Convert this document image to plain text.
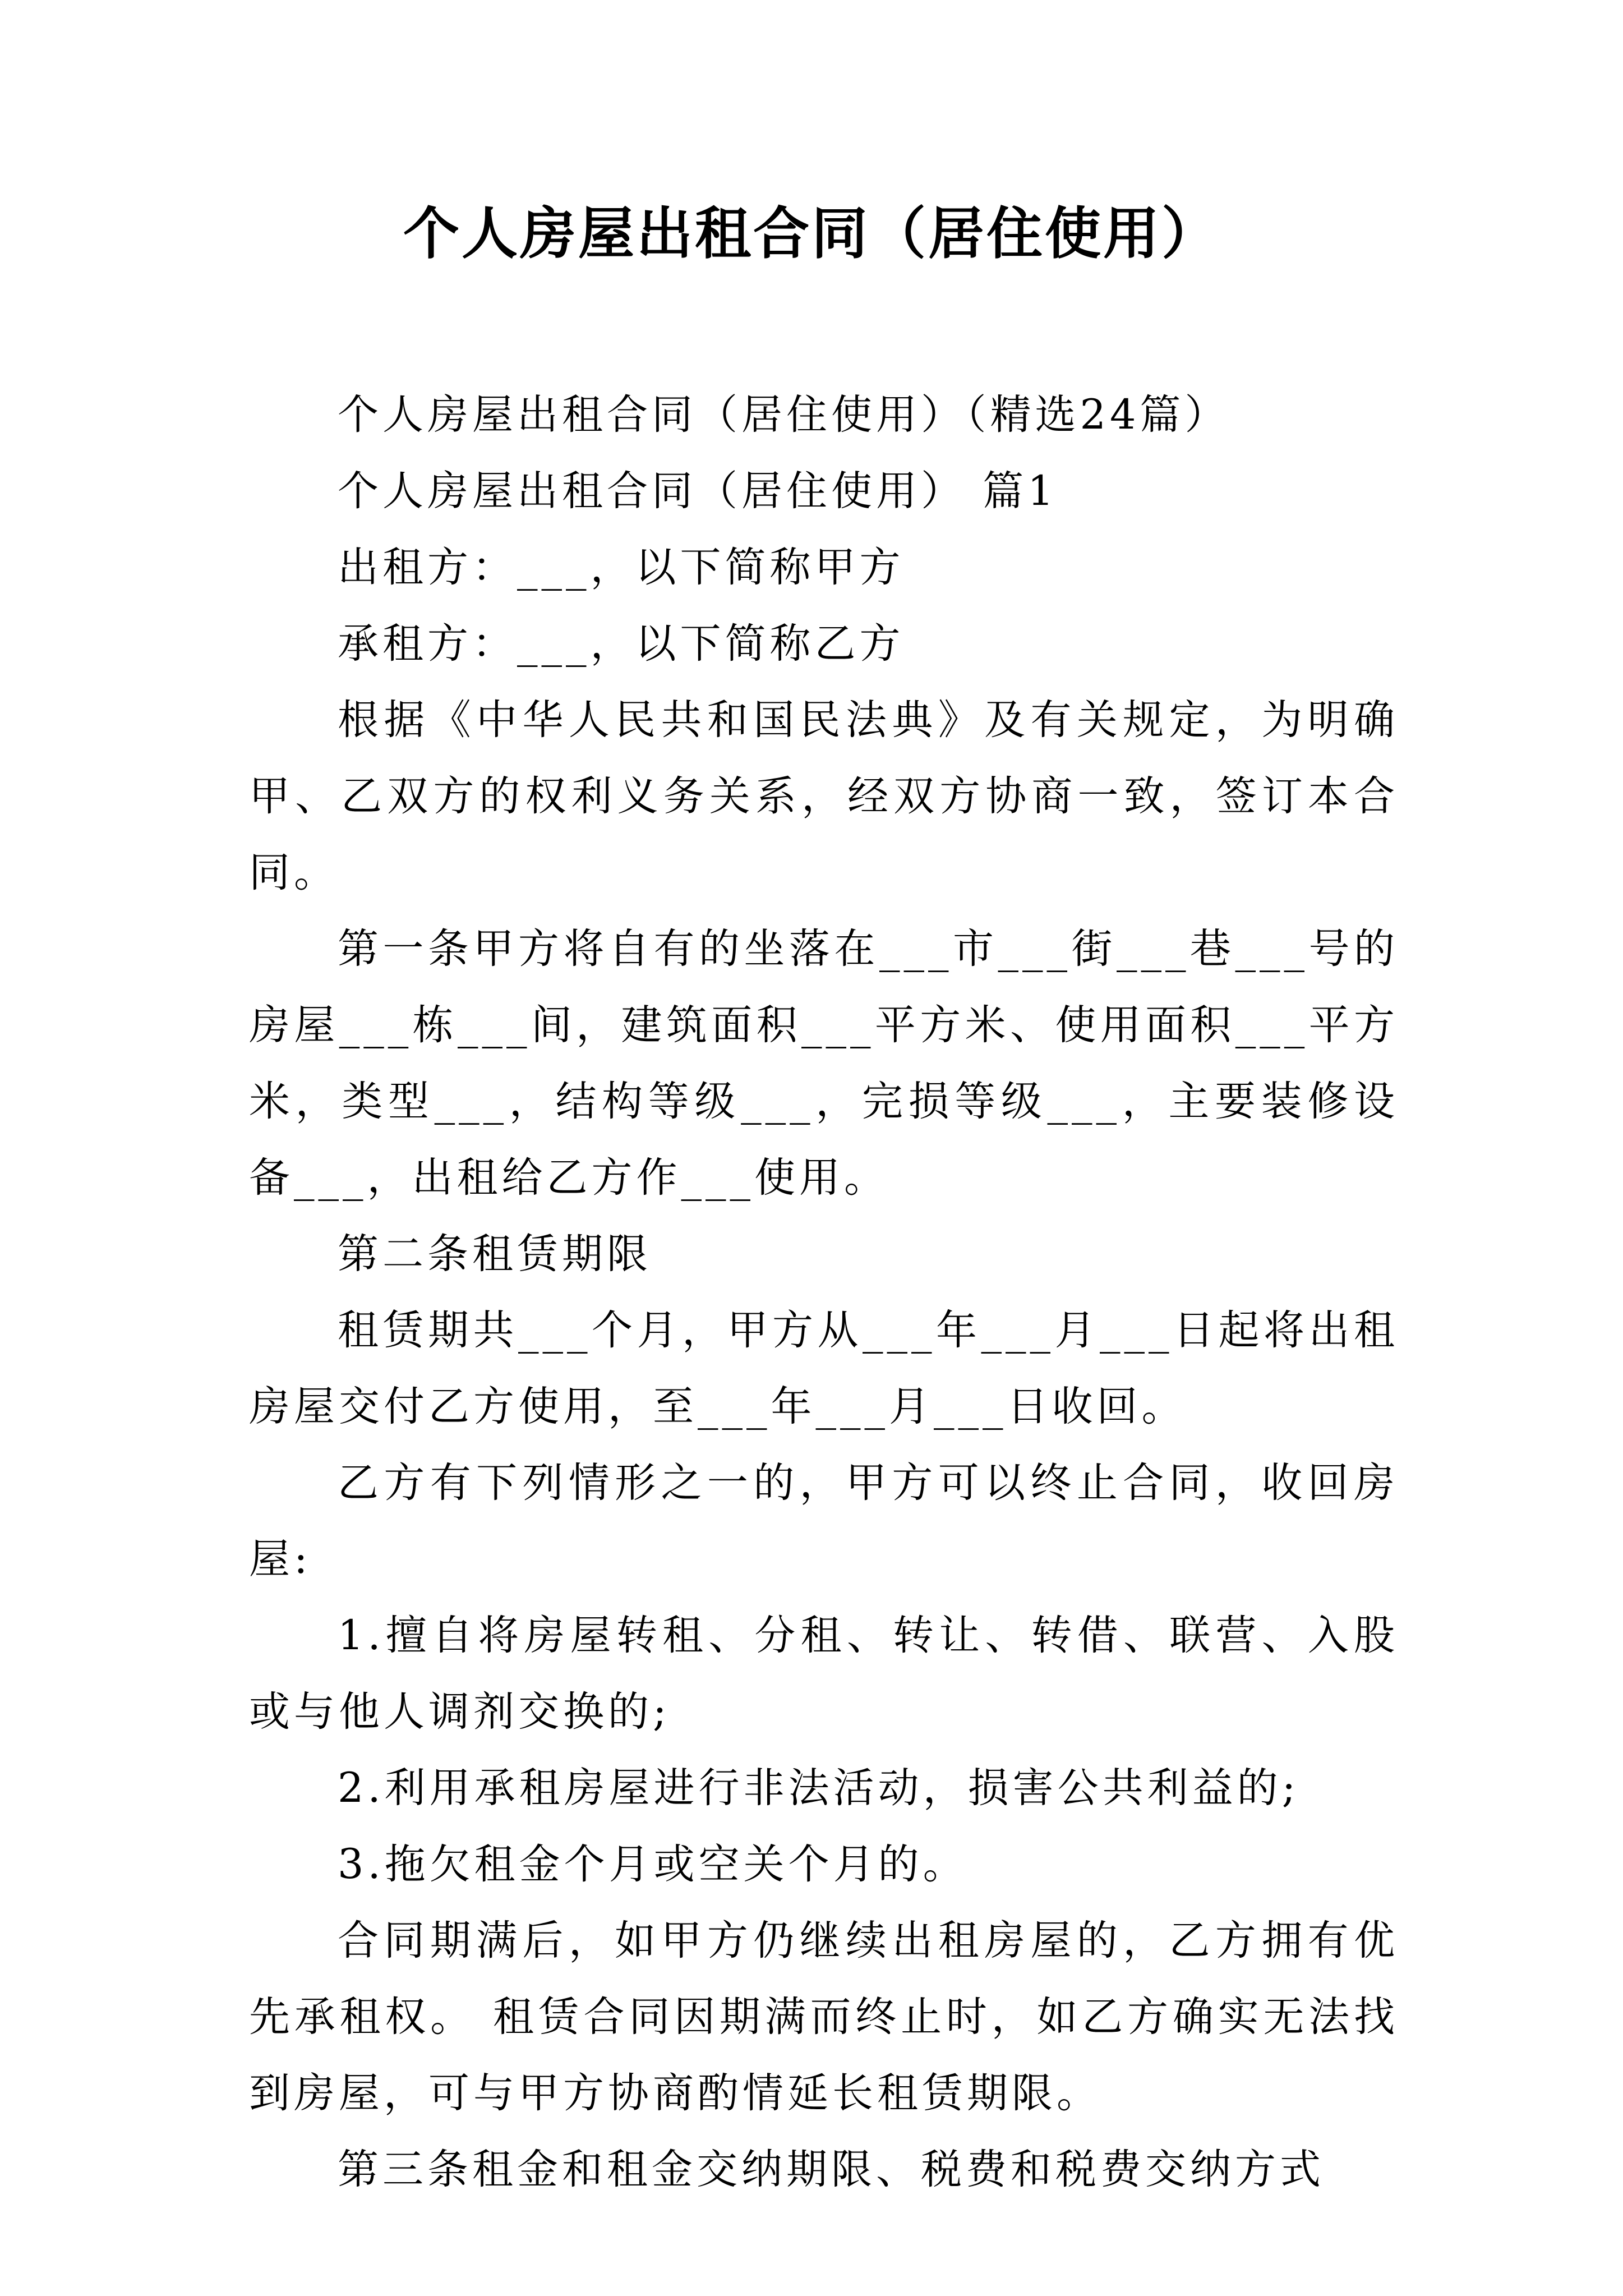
个人房屋出租合同（居住使用）

个人房屋出租合同（居住使用）（精选24篇）

个人房屋出租合同（居住使用） 篇1

出租方：___，以下简称甲方

承租方：___，以下简称乙方

根据《中华人民共和国民法典》及有关规定，为明确甲、乙双方的权利义务关系，经双方协商一致，签订本合同。

第一条甲方将自有的坐落在___市___街___巷___号的房屋___栋___间，建筑面积___平方米、使用面积___平方米，类型___，结构等级___，完损等级___，主要装修设备___，出租给乙方作___使用。

第二条租赁期限

租赁期共___个月，甲方从___年___月___日起将出租房屋交付乙方使用，至___年___月___日收回。

乙方有下列情形之一的，甲方可以终止合同，收回房屋:

1.擅自将房屋转租、分租、转让、转借、联营、入股或与他人调剂交换的;

2.利用承租房屋进行非法活动，损害公共利益的;

3.拖欠租金个月或空关个月的。

合同期满后，如甲方仍继续出租房屋的，乙方拥有优先承租权。 租赁合同因期满而终止时，如乙方确实无法找到房屋，可与甲方协商酌情延长租赁期限。

第三条租金和租金交纳期限、税费和税费交纳方式
